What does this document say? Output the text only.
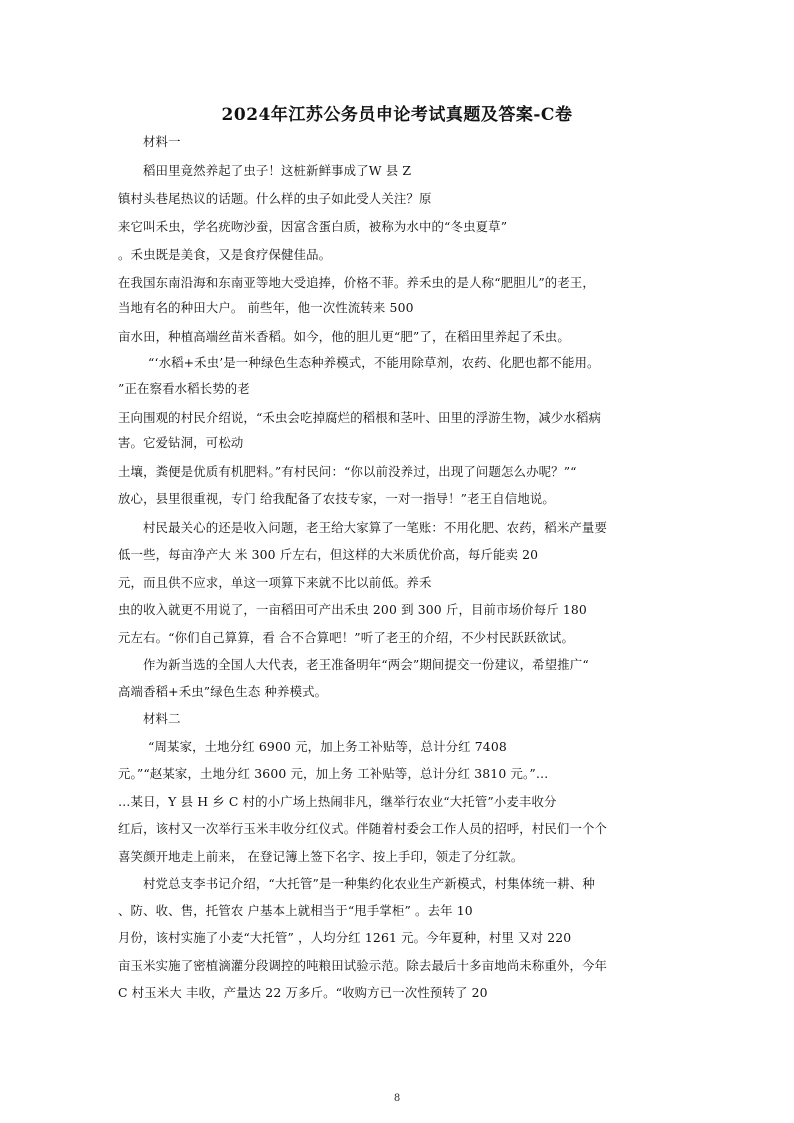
2024年江苏公务员申论考试真题及答案-C卷
材料一
稻田里竟然养起了虫子！这桩新鲜事成了W 县 Z
镇村头巷尾热议的话题。什么样的虫子如此受人关注？原
来它叫禾虫，学名疣吻沙蚕，因富含蛋白质，被称为水中的“冬虫夏草”
。禾虫既是美食，又是食疗保健佳品。
在我国东南沿海和东南亚等地大受追捧，价格不菲。养禾虫的是人称“肥胆儿”的老王，
当地有名的种田大户。 前些年，他一次性流转来 500
亩水田，种植高端丝苗米香稻。如今，他的胆儿更“肥”了，在稻田里养起了禾虫。
“‘水稻+禾虫’是一种绿色生态种养模式，不能用除草剂，农药、化肥也都不能用。
”正在察看水稻长势的老
王向围观的村民介绍说，“禾虫会吃掉腐烂的稻根和茎叶、田里的浮游生物，减少水稻病
害。它爱钻洞，可松动
土壤，粪便是优质有机肥料。”有村民问：“你以前没养过，出现了问题怎么办呢？”“
放心，县里很重视，专门 给我配备了农技专家，一对一指导！”老王自信地说。
村民最关心的还是收入问题，老王给大家算了一笔账：不用化肥、农药，稻米产量要
低一些，每亩净产大 米 300 斤左右，但这样的大米质优价高，每斤能卖 20
元，而且供不应求，单这一项算下来就不比以前低。养禾
虫的收入就更不用说了，一亩稻田可产出禾虫 200 到 300 斤，目前市场价每斤 180
元左右。“你们自己算算，看 合不合算吧！”听了老王的介绍，不少村民跃跃欲试。
作为新当选的全国人大代表，老王准备明年“两会”期间提交一份建议，希望推广“
高端香稻+禾虫”绿色生态 种养模式。
材料二
“周某家，土地分红 6900 元，加上务工补贴等，总计分红 7408
元。”“赵某家，土地分红 3600 元，加上务 工补贴等，总计分红 3810 元。”…
…某日，Y 县 H 乡 C 村的小广场上热闹非凡，继举行农业“大托管”小麦丰收分
红后，该村又一次举行玉米丰收分红仪式。伴随着村委会工作人员的招呼，村民们一个个
喜笑颜开地走上前来， 在登记簿上签下名字、按上手印，领走了分红款。
村党总支李书记介绍，“大托管”是一种集约化农业生产新模式，村集体统一耕、种
、防、收、售，托管农 户基本上就相当于“甩手掌柜” 。去年 10
月份，该村实施了小麦“大托管” ，人均分红 1261 元。今年夏种，村里 又对 220
亩玉米实施了密植滴灌分段调控的吨粮田试验示范。除去最后十多亩地尚未称重外，今年
C 村玉米大 丰收，产量达 22 万多斤。“收购方已一次性预转了 20
8
